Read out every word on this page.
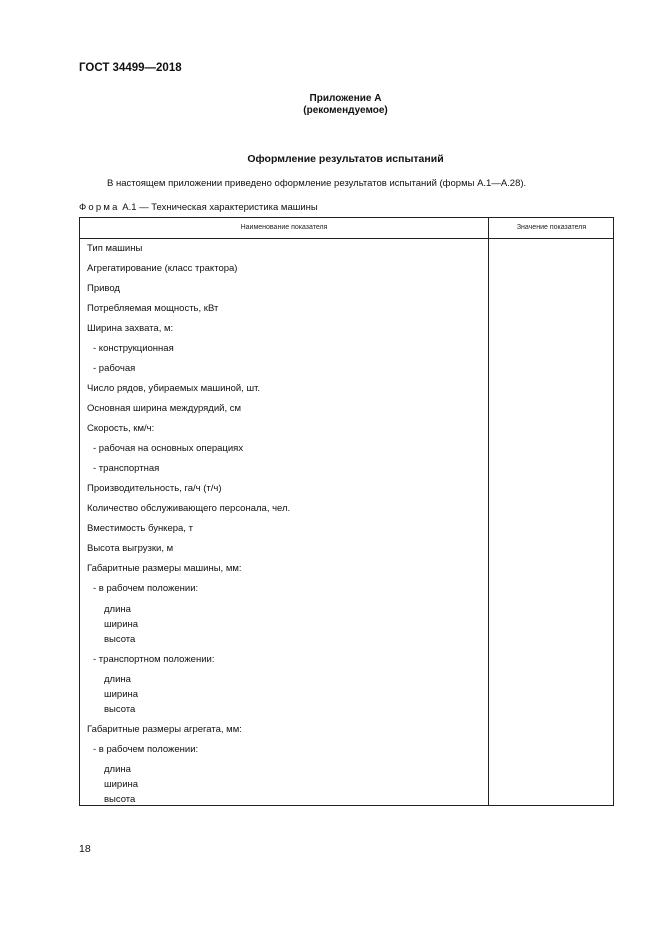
ГОСТ 34499—2018
Приложение А
(рекомендуемое)
Оформление результатов испытаний
В настоящем приложении приведено оформление результатов испытаний (формы А.1—А.28).
Форма А.1 — Техническая характеристика машины
Наименование показателя	Значение показателя
Тип машины
Агрегатирование (класс трактора)
Привод
Потребляемая мощность, кВт
Ширина захвата, м:
- конструкционная
- рабочая
Число рядов, убираемых машиной, шт.
Основная ширина междурядий, см
Скорость, км/ч:
- рабочая на основных операциях
- транспортная
Производительность, га/ч (т/ч)
Количество обслуживающего персонала, чел.
Вместимость бункера, т
Высота выгрузки, м
Габаритные размеры машины, мм:
- в рабочем положении:
длина
ширина
высота
- транспортном положении:
длина
ширина
высота
Габаритные размеры агрегата, мм:
- в рабочем положении:
длина
ширина
высота
18
